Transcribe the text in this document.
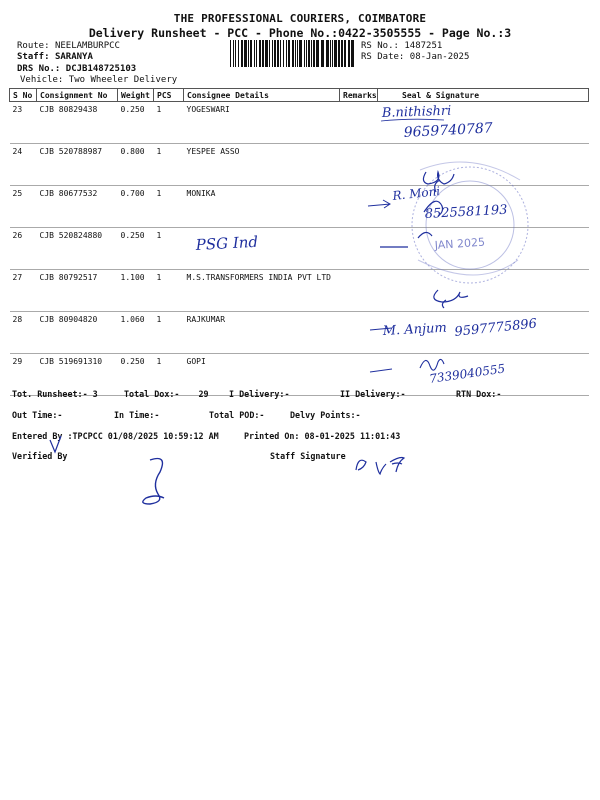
THE PROFESSIONAL COURIERS, COIMBATORE
Delivery Runsheet - PCC - Phone No.:0422-3505555 - Page No.:3
Route: NEELAMBURPCC
Staff: SARANYA
DRS No.: DCJB148725103
Vehicle: Two Wheeler Delivery
RS No.: 1487251
RS Date: 08-Jan-2025
S No	Consignment No	Weight	PCS	Consignee Details	Remarks	Seal & Signature
23	CJB 80829438	0.250	1	YOGESWARI		
24	CJB 520788987	0.800	1	YESPEE ASSO		
25	CJB 80677532	0.700	1	MONIKA		
26	CJB 520824880	0.250	1			
27	CJB 80792517	1.100	1	M.S.TRANSFORMERS INDIA PVT LTD		
28	CJB 80904820	1.060	1	RAJKUMAR		
29	CJB 519691310	0.250	1	GOPI		
Tot. Runsheet:- 3	Total Dox:- 29 I Delivery:-	II Delivery:-	RTN Dox:-
Out Time:-	In Time:-	Total POD:-	Delvy Points:-
Entered By :TPCPCC 01/08/2025 10:59:12 AM	Printed On: 08-01-2025 11:01:43
Verified By	Staff Signature
B.nithishri
9659740787
R. Moni
8525581193
PSG Ind
M. Anjum 9597775896
7339040555
JAN 2025
